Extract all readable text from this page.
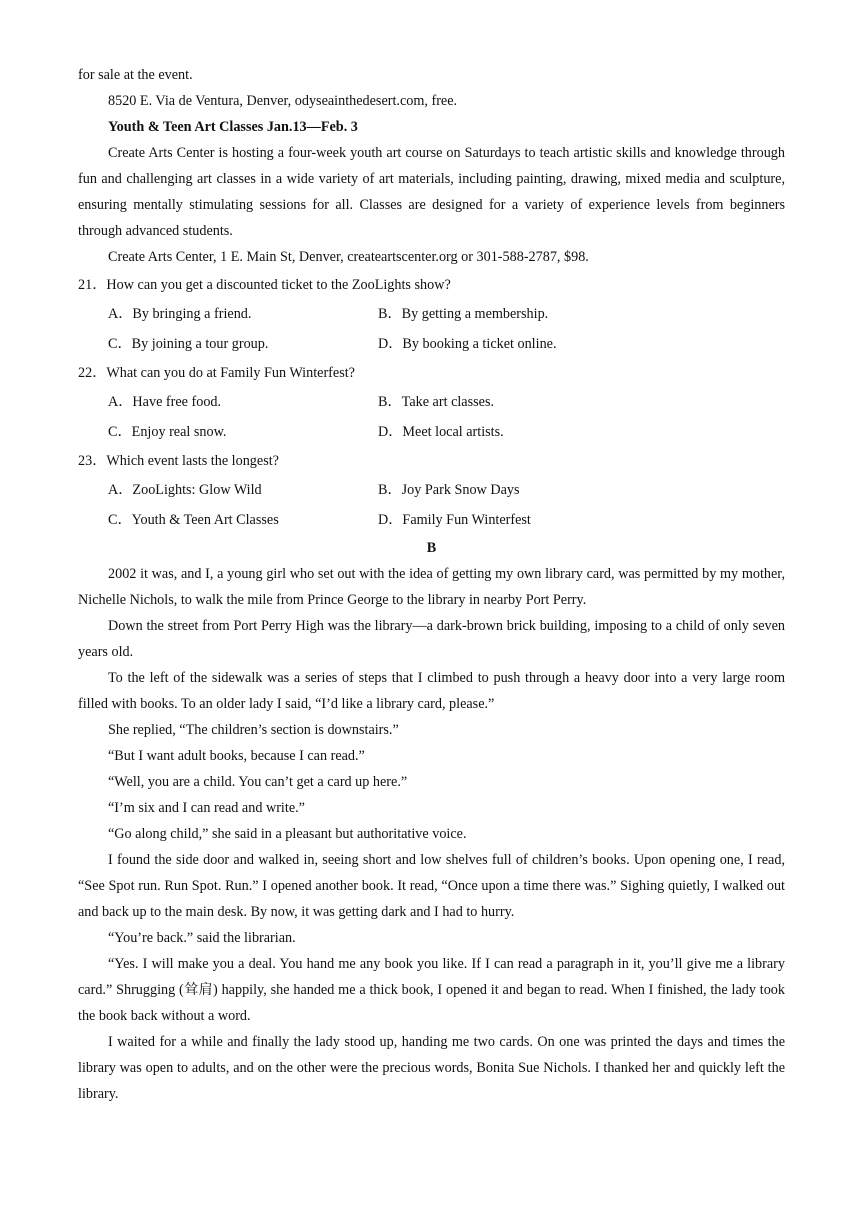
for sale at the event.

8520 E. Via de Ventura, Denver, odyseainthedesert.com, free.

Youth & Teen Art Classes Jan.13—Feb. 3

Create Arts Center is hosting a four-week youth art course on Saturdays to teach artistic skills and knowledge through fun and challenging art classes in a wide variety of art materials, including painting, drawing, mixed media and sculpture, ensuring mentally stimulating sessions for all. Classes are designed for a variety of experience levels from beginners through advanced students.

Create Arts Center, 1 E. Main St, Denver, createartscenter.org or 301-588-2787, $98.

21．How can you get a discounted ticket to the ZooLights show?

A．By bringing a friend.	B．By getting a membership.
C．By joining a tour group.	D．By booking a ticket online.

22．What can you do at Family Fun Winterfest?

A．Have free food.	B．Take art classes.
C．Enjoy real snow.	D．Meet local artists.

23．Which event lasts the longest?

A．ZooLights: Glow Wild	B．Joy Park Snow Days
C．Youth & Teen Art Classes	D．Family Fun Winterfest

B

2002 it was, and I, a young girl who set out with the idea of getting my own library card, was permitted by my mother, Nichelle Nichols, to walk the mile from Prince George to the library in nearby Port Perry.

Down the street from Port Perry High was the library—a dark-brown brick building, imposing to a child of only seven years old.

To the left of the sidewalk was a series of steps that I climbed to push through a heavy door into a very large room filled with books. To an older lady I said, “I’d like a library card, please.”

She replied, “The children’s section is downstairs.”

“But I want adult books, because I can read.”

“Well, you are a child. You can’t get a card up here.”

“I’m six and I can read and write.”

“Go along child,” she said in a pleasant but authoritative voice.

I found the side door and walked in, seeing short and low shelves full of children’s books. Upon opening one, I read, “See Spot run. Run Spot. Run.” I opened another book. It read, “Once upon a time there was.” Sighing quietly, I walked out and back up to the main desk. By now, it was getting dark and I had to hurry.

“You’re back.” said the librarian.

“Yes. I will make you a deal. You hand me any book you like. If I can read a paragraph in it, you’ll give me a library card.” Shrugging (耸肩) happily, she handed me a thick book, I opened it and began to read. When I finished, the lady took the book back without a word.

I waited for a while and finally the lady stood up, handing me two cards. On one was printed the days and times the library was open to adults, and on the other were the precious words, Bonita Sue Nichols. I thanked her and quickly left the library.
